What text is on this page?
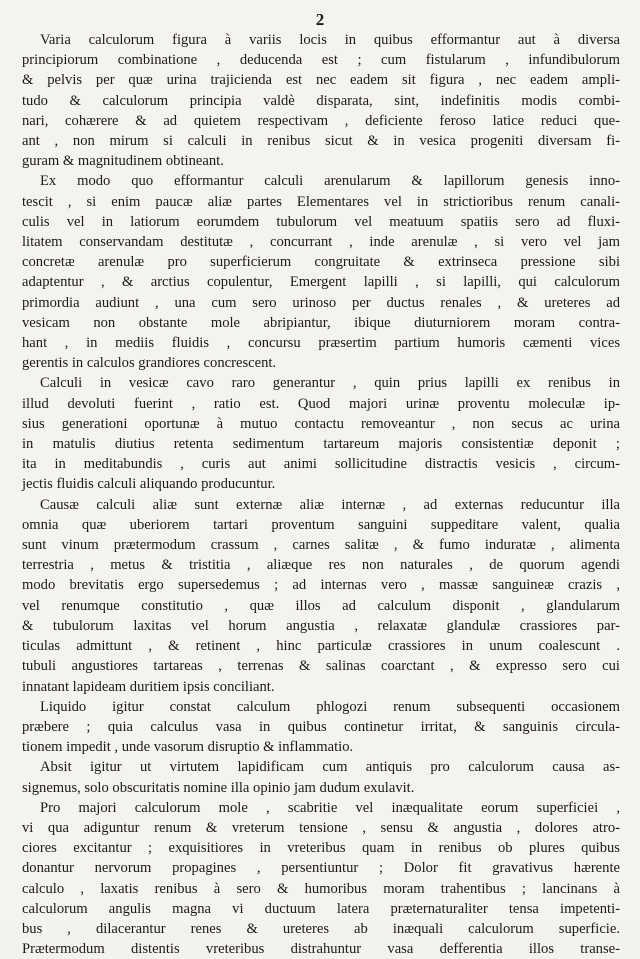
2
Varia calculorum figura à variis locis in quibus efformantur aut à diversa
principiorum combinatione , deducenda est ; cum fistularum , infundibulorum
& pelvis per quæ urina trajicienda est nec eadem sit figura , nec eadem ampli-
tudo & calculorum principia valdè disparata, sint, indefinitis modis combi-
nari, cohærere & ad quietem respectivam , deficiente feroso latice reduci que-
ant , non mirum si calculi in renibus sicut & in vesica progeniti diversam fi-
guram & magnitudinem obtineant.
Ex modo quo efformantur calculi arenularum & lapillorum genesis inno-
tescit , si enim paucæ aliæ partes Elementares vel in strictioribus renum canali-
culis vel in latiorum eorumdem tubulorum vel meatuum spatiis sero ad fluxi-
litatem conservandam destitutæ , concurrant , inde arenulæ , si vero vel jam
concretæ arenulæ pro superficierum congruitate & extrinseca pressione sibi
adaptentur , & arctius copulentur, Emergent lapilli , si lapilli, qui calculorum
primordia audiunt , una cum sero urinoso per ductus renales , & ureteres ad
vesicam non obstante mole abripiantur, ibique diuturniorem moram contra-
hant , in mediis fluidis , concursu præsertim partium humoris cæmenti vices
gerentis in calculos grandiores concrescent.
Calculi in vesicæ cavo raro generantur , quin prius lapilli ex renibus in
illud devoluti fuerint , ratio est. Quod majori urinæ proventu moleculæ ip-
sius generationi oportunæ à mutuo contactu removeantur , non secus ac urina
in matulis diutius retenta sedimentum tartareum majoris consistentiæ deponit ;
ita in meditabundis , curis aut animi sollicitudine distractis vesicis , circum-
jectis fluidis calculi aliquando producuntur.
Causæ calculi aliæ sunt externæ aliæ internæ , ad externas reducuntur illa
omnia quæ uberiorem tartari proventum sanguini suppeditare valent, qualia
sunt vinum prætermodum crassum , carnes salitæ , & fumo induratæ , alimenta
terrestria , metus & tristitia , aliæque res non naturales , de quorum agendi
modo brevitatis ergo supersedemus ; ad internas vero , massæ sanguineæ crazis ,
vel renumque constitutio , quæ illos ad calculum disponit , glandularum
& tubulorum laxitas vel horum angustia , relaxatæ glandulæ crassiores par-
ticulas admittunt , & retinent , hinc particulæ crassiores in unum coalescunt .
tubuli angustiores tartareas , terrenas & salinas coarctant , & expresso sero cui
innatant lapideam duritiem ipsis conciliant.
Liquido igitur constat calculum phlogozi renum subsequenti occasionem
præbere ; quia calculus vasa in quibus continetur irritat, & sanguinis circula-
tionem impedit , unde vasorum disruptio & inflammatio.
Absit igitur ut virtutem lapidificam cum antiquis pro calculorum causa as-
signemus, solo obscuritatis nomine illa opinio jam dudum exulavit.
Pro majori calculorum mole , scabritie vel inæqualitate eorum superficiei ,
vi qua adiguntur renum & vreterum tensione , sensu & angustia , dolores atro-
ciores excitantur ; exquisitiores in vreteribus quam in renibus ob plures quibus
donantur nervorum propagines , persentiuntur ; Dolor fit gravativus hærente
calculo , laxatis renibus à sero & humoribus moram trahentibus ; lancinans à
calculorum angulis magna vi ductuum latera præternaturaliter tensa impetenti-
bus , dilacerantur renes & ureteres ab inæquali calculorum superficie.
Prætermodum distentis vreteribus distrahuntur vasa defferentia illos transe-
